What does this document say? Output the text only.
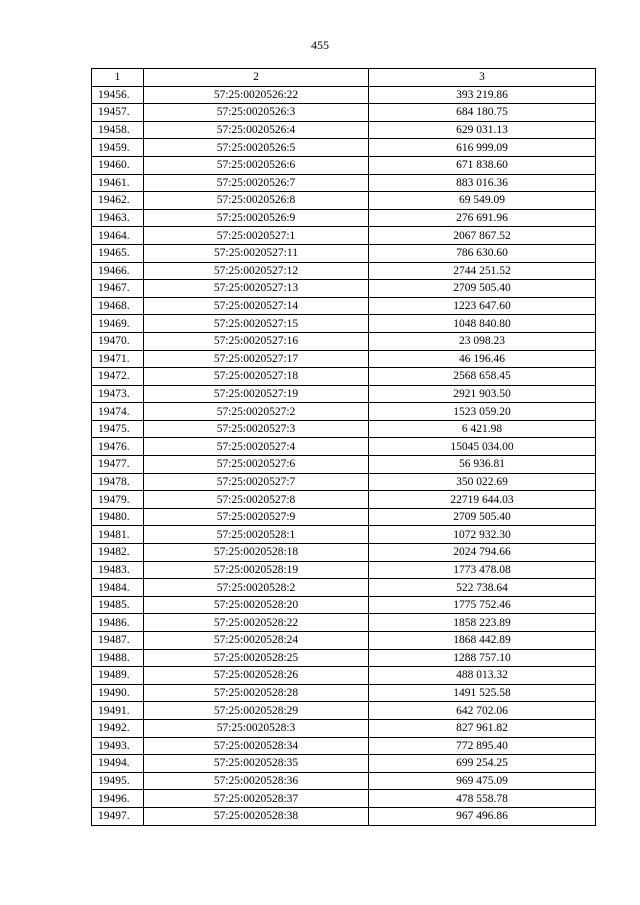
455
1	2	3
19456.	57:25:0020526:22	393 219.86
19457.	57:25:0020526:3	684 180.75
19458.	57:25:0020526:4	629 031.13
19459.	57:25:0020526:5	616 999.09
19460.	57:25:0020526:6	671 838.60
19461.	57:25:0020526:7	883 016.36
19462.	57:25:0020526:8	69 549.09
19463.	57:25:0020526:9	276 691.96
19464.	57:25:0020527:1	2067 867.52
19465.	57:25:0020527:11	786 630.60
19466.	57:25:0020527:12	2744 251.52
19467.	57:25:0020527:13	2709 505.40
19468.	57:25:0020527:14	1223 647.60
19469.	57:25:0020527:15	1048 840.80
19470.	57:25:0020527:16	23 098.23
19471.	57:25:0020527:17	46 196.46
19472.	57:25:0020527:18	2568 658.45
19473.	57:25:0020527:19	2921 903.50
19474.	57:25:0020527:2	1523 059.20
19475.	57:25:0020527:3	6 421.98
19476.	57:25:0020527:4	15045 034.00
19477.	57:25:0020527:6	56 936.81
19478.	57:25:0020527:7	350 022.69
19479.	57:25:0020527:8	22719 644.03
19480.	57:25:0020527:9	2709 505.40
19481.	57:25:0020528:1	1072 932.30
19482.	57:25:0020528:18	2024 794.66
19483.	57:25:0020528:19	1773 478.08
19484.	57:25:0020528:2	522 738.64
19485.	57:25:0020528:20	1775 752.46
19486.	57:25:0020528:22	1858 223.89
19487.	57:25:0020528:24	1868 442.89
19488.	57:25:0020528:25	1288 757.10
19489.	57:25:0020528:26	488 013.32
19490.	57:25:0020528:28	1491 525.58
19491.	57:25:0020528:29	642 702.06
19492.	57:25:0020528:3	827 961.82
19493.	57:25:0020528:34	772 895.40
19494.	57:25:0020528:35	699 254.25
19495.	57:25:0020528:36	969 475.09
19496.	57:25:0020528:37	478 558.78
19497.	57:25:0020528:38	967 496.86
